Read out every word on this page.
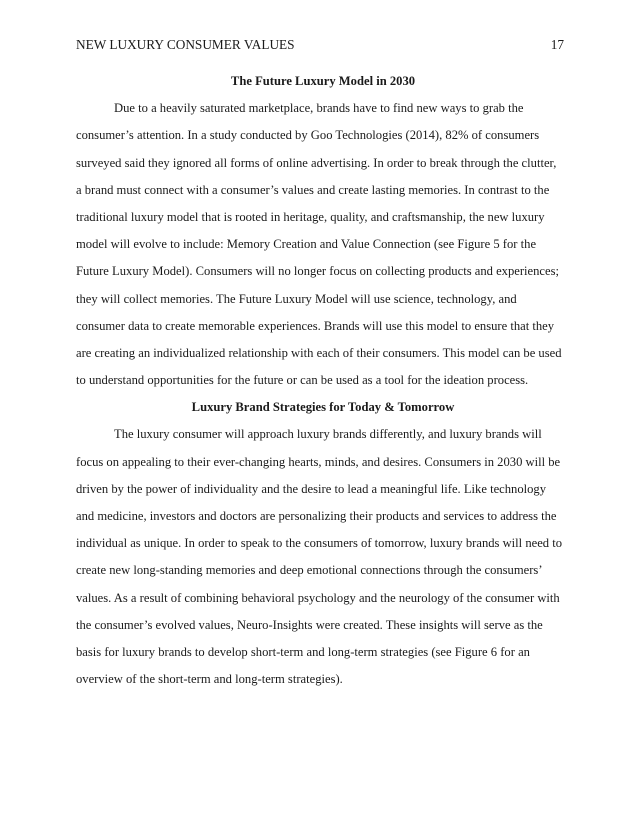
NEW LUXURY CONSUMER VALUES	17
The Future Luxury Model in 2030
Due to a heavily saturated marketplace, brands have to find new ways to grab the
consumer’s attention. In a study conducted by Goo Technologies (2014), 82% of consumers
surveyed said they ignored all forms of online advertising. In order to break through the clutter,
a brand must connect with a consumer’s values and create lasting memories. In contrast to the
traditional luxury model that is rooted in heritage, quality, and craftsmanship, the new luxury
model will evolve to include: Memory Creation and Value Connection (see Figure 5 for the
Future Luxury Model). Consumers will no longer focus on collecting products and experiences;
they will collect memories. The Future Luxury Model will use science, technology, and
consumer data to create memorable experiences. Brands will use this model to ensure that they
are creating an individualized relationship with each of their consumers. This model can be used
to understand opportunities for the future or can be used as a tool for the ideation process.
Luxury Brand Strategies for Today & Tomorrow
The luxury consumer will approach luxury brands differently, and luxury brands will
focus on appealing to their ever-changing hearts, minds, and desires. Consumers in 2030 will be
driven by the power of individuality and the desire to lead a meaningful life. Like technology
and medicine, investors and doctors are personalizing their products and services to address the
individual as unique. In order to speak to the consumers of tomorrow, luxury brands will need to
create new long-standing memories and deep emotional connections through the consumers’
values. As a result of combining behavioral psychology and the neurology of the consumer with
the consumer’s evolved values, Neuro-Insights were created. These insights will serve as the
basis for luxury brands to develop short-term and long-term strategies (see Figure 6 for an
overview of the short-term and long-term strategies).
